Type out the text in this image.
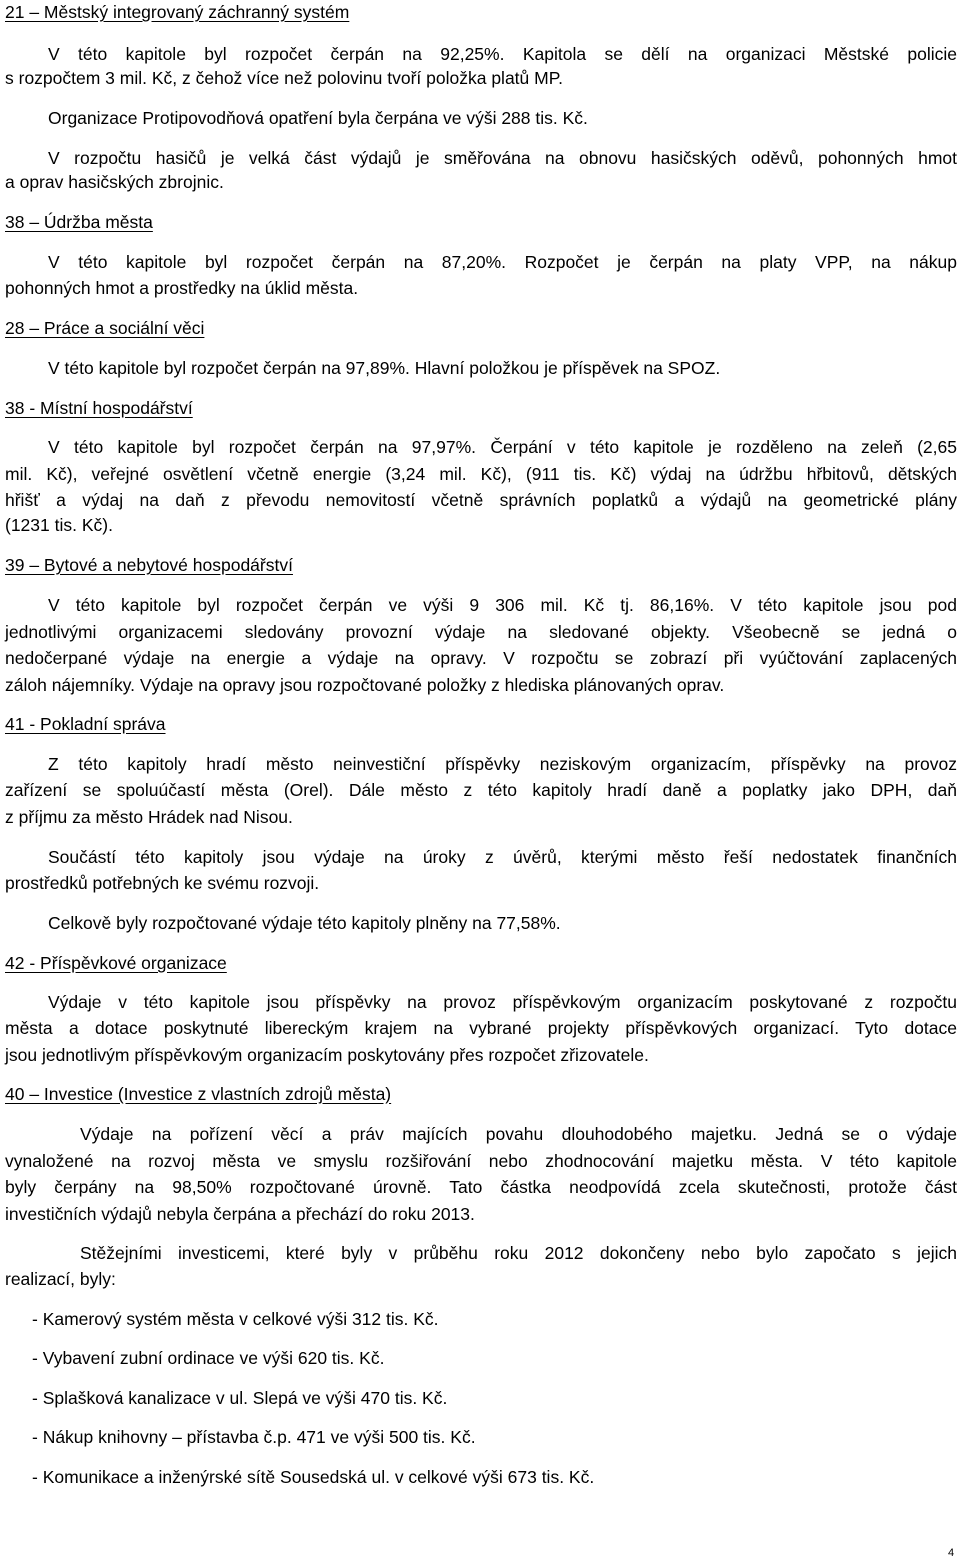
21 – Městský integrovaný záchranný systém
V této kapitole byl rozpočet čerpán na 92,25%. Kapitola se dělí na organizaci Městské policie
s rozpočtem 3 mil. Kč, z čehož více než polovinu tvoří položka platů MP.
Organizace Protipovodňová opatření byla čerpána ve výši 288 tis. Kč.
V rozpočtu hasičů je velká část výdajů je směřována na obnovu hasičských oděvů, pohonných hmot
a oprav hasičských zbrojnic.
38 – Údržba města
V této kapitole byl rozpočet čerpán na 87,20%. Rozpočet je čerpán na platy VPP, na nákup
pohonných hmot a prostředky na úklid města.
28 – Práce a sociální věci
V této kapitole byl rozpočet čerpán na 97,89%. Hlavní položkou je příspěvek na SPOZ.
38 - Místní hospodářství
V této kapitole byl rozpočet čerpán na 97,97%. Čerpání v této kapitole je rozděleno na zeleň (2,65
mil. Kč), veřejné osvětlení včetně energie (3,24 mil. Kč), (911 tis. Kč) výdaj na údržbu hřbitovů, dětských
hřišť a výdaj na daň z převodu nemovitostí včetně správních poplatků a výdajů na geometrické plány
(1231 tis. Kč).
39 – Bytové a nebytové hospodářství
V této kapitole byl rozpočet čerpán ve výši 9 306 mil. Kč tj. 86,16%. V této kapitole jsou pod
jednotlivými organizacemi sledovány provozní výdaje na sledované objekty. Všeobecně se jedná o
nedočerpané výdaje na energie a výdaje na opravy. V rozpočtu se zobrazí při vyúčtování zaplacených
záloh nájemníky. Výdaje na opravy jsou rozpočtované položky z hlediska plánovaných oprav.
41 - Pokladní správa
Z této kapitoly hradí město neinvestiční příspěvky neziskovým organizacím, příspěvky na provoz
zařízení se spoluúčastí města (Orel). Dále město z této kapitoly hradí daně a poplatky jako DPH, daň
z příjmu za město Hrádek nad Nisou.
Součástí této kapitoly jsou výdaje na úroky z úvěrů, kterými město řeší nedostatek finančních
prostředků potřebných ke svému rozvoji.
Celkově byly rozpočtované výdaje této kapitoly plněny na 77,58%.
42 - Příspěvkové organizace
Výdaje v této kapitole jsou příspěvky na provoz příspěvkovým organizacím poskytované z rozpočtu
města a dotace poskytnuté libereckým krajem na vybrané projekty příspěvkových organizací. Tyto dotace
jsou jednotlivým příspěvkovým organizacím poskytovány přes rozpočet zřizovatele.
40 – Investice (Investice z vlastních zdrojů města)
Výdaje na pořízení věcí a práv majících povahu dlouhodobého majetku. Jedná se o výdaje
vynaložené na rozvoj města ve smyslu rozšiřování nebo zhodnocování majetku města. V této kapitole
byly čerpány na 98,50% rozpočtované úrovně. Tato částka neodpovídá zcela skutečnosti, protože část
investičních výdajů nebyla čerpána a přechází do roku 2013.
Stěžejními investicemi, které byly v průběhu roku 2012 dokončeny nebo bylo započato s jejich
realizací, byly:
- Kamerový systém města v celkové výši 312 tis. Kč.
- Vybavení zubní ordinace ve výši 620 tis. Kč.
- Splašková kanalizace v ul. Slepá ve výši 470 tis. Kč.
- Nákup knihovny – přístavba č.p. 471 ve výši 500 tis. Kč.
- Komunikace a inženýrské sítě Sousedská ul. v celkové výši 673 tis. Kč.
4
